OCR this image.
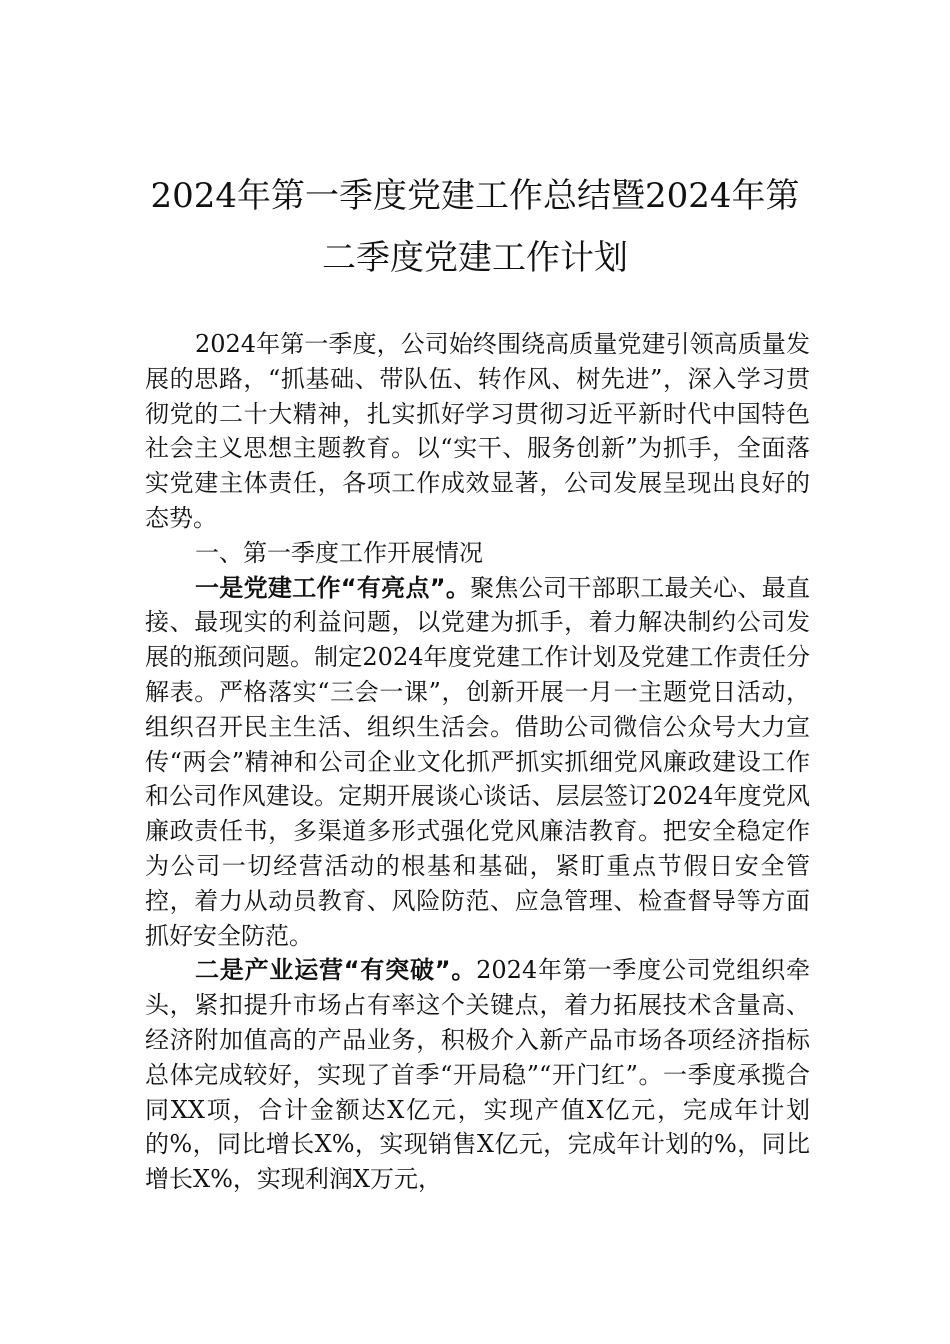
2024年第一季度党建工作总结暨2024年第
二季度党建工作计划

2024年第一季度，公司始终围绕高质量党建引领高质量发展的思路，“抓基础、带队伍、转作风、树先进”，深入学习贯彻党的二十大精神，扎实抓好学习贯彻习近平新时代中国特色社会主义思想主题教育。以“实干、服务创新”为抓手，全面落实党建主体责任，各项工作成效显著，公司发展呈现出良好的态势。

一、第一季度工作开展情况

一是党建工作“有亮点”。聚焦公司干部职工最关心、最直接、最现实的利益问题，以党建为抓手，着力解决制约公司发展的瓶颈问题。制定2024年度党建工作计划及党建工作责任分解表。严格落实“三会一课”，创新开展一月一主题党日活动，组织召开民主生活、组织生活会。借助公司微信公众号大力宣传“两会”精神和公司企业文化抓严抓实抓细党风廉政建设工作和公司作风建设。定期开展谈心谈话、层层签订2024年度党风廉政责任书，多渠道多形式强化党风廉洁教育。把安全稳定作为公司一切经营活动的根基和基础，紧盯重点节假日安全管控，着力从动员教育、风险防范、应急管理、检查督导等方面抓好安全防范。

二是产业运营“有突破”。2024年第一季度公司党组织牵头，紧扣提升市场占有率这个关键点，着力拓展技术含量高、经济附加值高的产品业务，积极介入新产品市场各项经济指标总体完成较好，实现了首季“开局稳”“开门红”。一季度承揽合同XX项，合计金额达X亿元，实现产值X亿元，完成年计划的%，同比增长X%，实现销售X亿元，完成年计划的%，同比增长X%，实现利润X万元，
